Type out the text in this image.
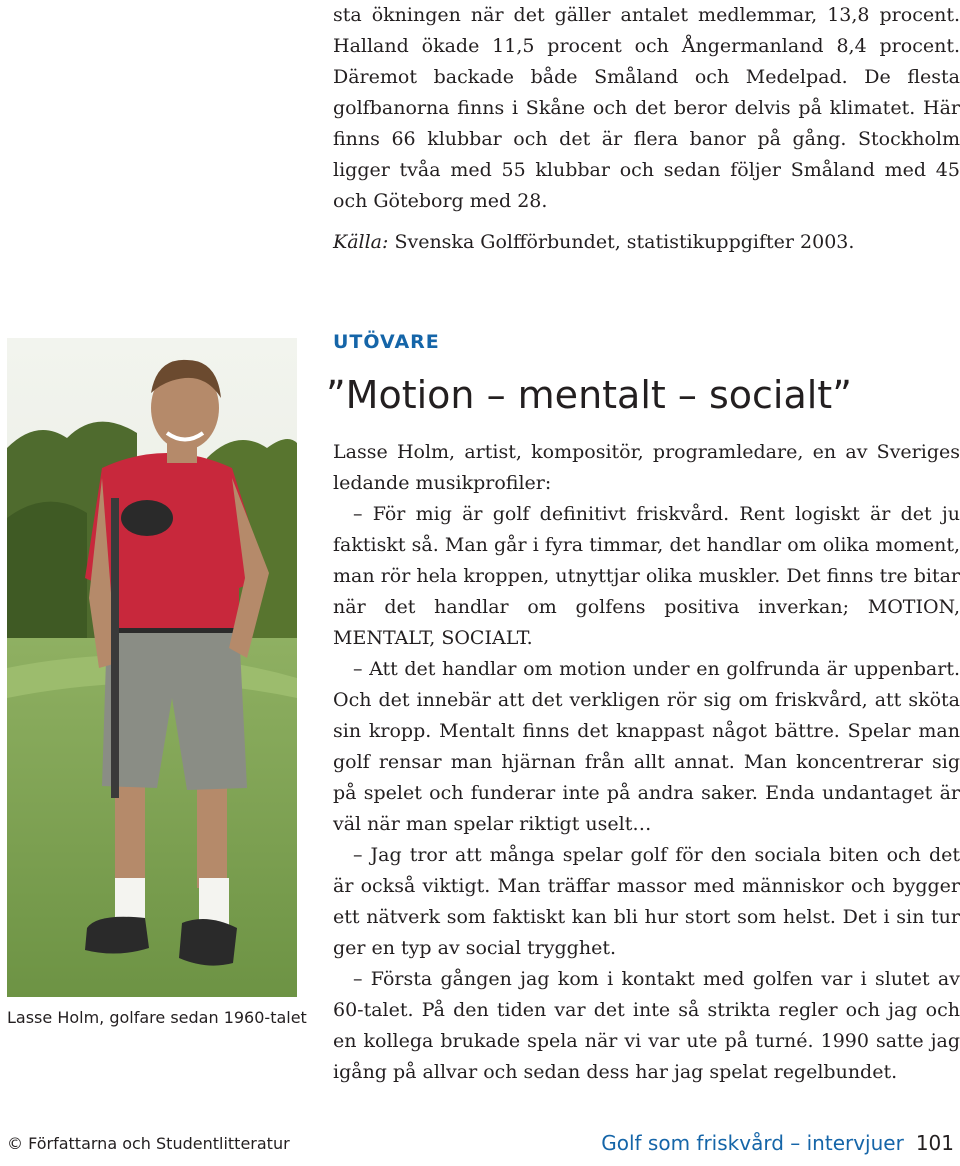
sta ökningen när det gäller antalet medlemmar, 13,8 procent. Halland ökade 11,5 procent och Ångermanland 8,4 procent. Däremot backade både Småland och Medelpad. De flesta golfbanorna finns i Skåne och det beror delvis på klimatet. Här finns 66 klubbar och det är flera banor på gång. Stockholm ligger tvåa med 55 klubbar och sedan följer Småland med 45 och Göteborg med 28.

Källa: Svenska Golfförbundet, statistikuppgifter 2003.

UTÖVARE
”Motion – mentalt – socialt”
Lasse Holm, golfare sedan 1960-talet

Lasse Holm, artist, kompositör, programledare, en av Sveriges ledande musikprofiler:

– För mig är golf definitivt friskvård. Rent logiskt är det ju faktiskt så. Man går i fyra timmar, det handlar om olika moment, man rör hela kroppen, utnyttjar olika muskler. Det finns tre bitar när det handlar om golfens positiva inverkan; MOTION, MENTALT, SOCIALT.

– Att det handlar om motion under en golfrunda är uppenbart. Och det innebär att det verkligen rör sig om friskvård, att sköta sin kropp. Mentalt finns det knappast något bättre. Spelar man golf rensar man hjärnan från allt annat. Man koncentrerar sig på spelet och funderar inte på andra saker. Enda undantaget är väl när man spelar riktigt uselt…

– Jag tror att många spelar golf för den sociala biten och det är också viktigt. Man träffar massor med människor och bygger ett nätverk som faktiskt kan bli hur stort som helst. Det i sin tur ger en typ av social trygghet.

– Första gången jag kom i kontakt med golfen var i slutet av 60-talet. På den tiden var det inte så strikta regler och jag och en kollega brukade spela när vi var ute på turné. 1990 satte jag igång på allvar och sedan dess har jag spelat regelbundet.

© Författarna och Studentlitteratur	Golf som friskvård – intervjuer 101
